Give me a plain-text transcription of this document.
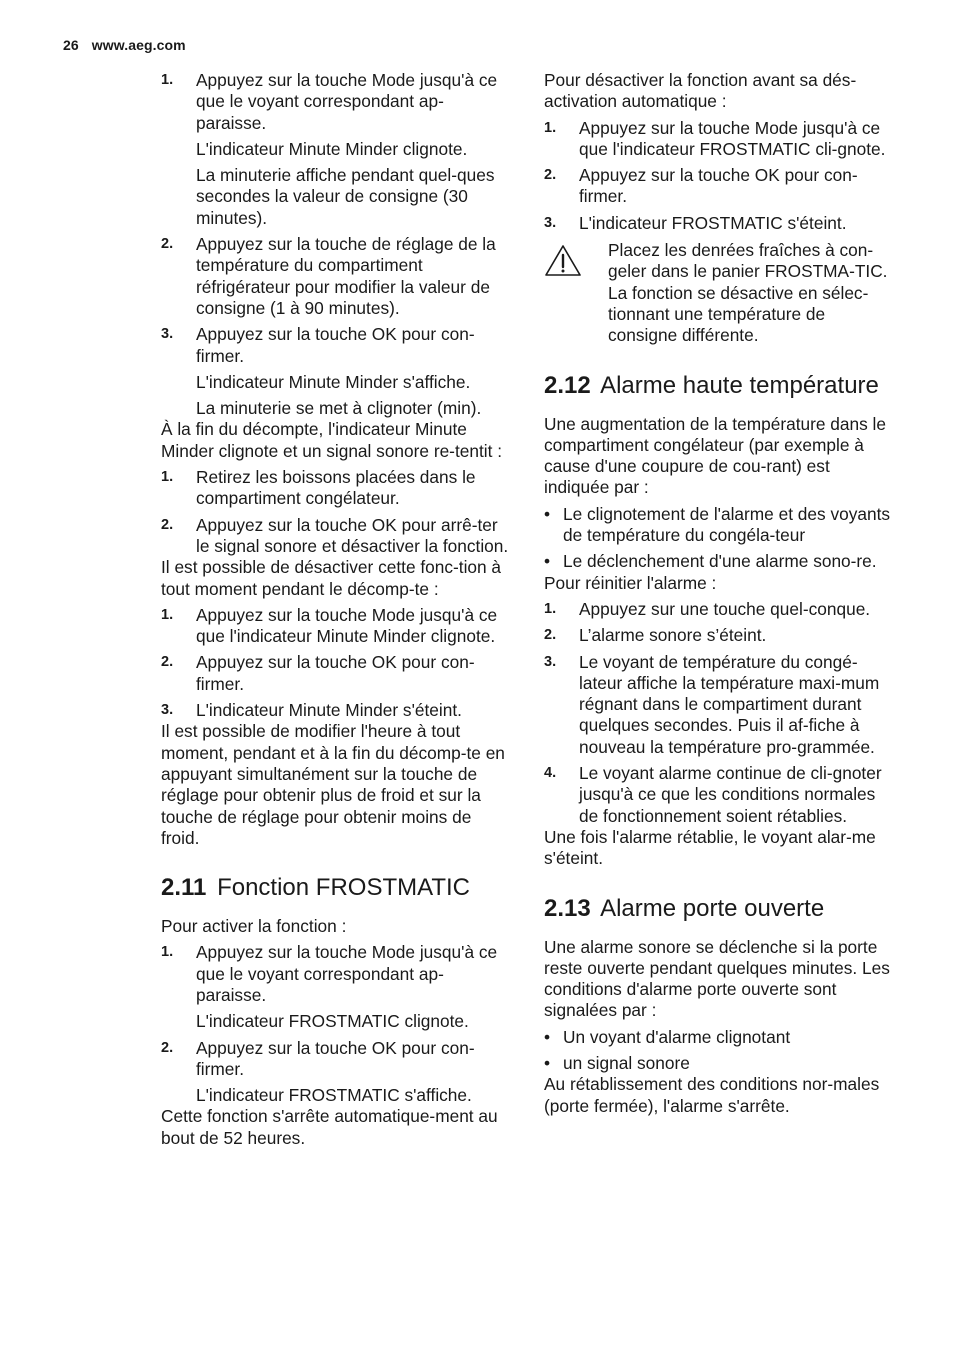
26 www.aeg.com
1.	Appuyez sur la touche Mode jusqu'à ce que le voyant correspondant ap-paraisse.
L'indicateur Minute Minder clignote.
La minuterie affiche pendant quel-ques secondes la valeur de consigne (30 minutes).
2.	Appuyez sur la touche de réglage de la température du compartiment réfrigérateur pour modifier la valeur de consigne (1 à 90 minutes).
3.	Appuyez sur la touche OK pour con-firmer.
L'indicateur Minute Minder s'affiche.
La minuterie se met à clignoter (min).

À la fin du décompte, l'indicateur Minute Minder clignote et un signal sonore re-tentit :

1.	Retirez les boissons placées dans le compartiment congélateur.
2.	Appuyez sur la touche OK pour arrê-ter le signal sonore et désactiver la fonction.

Il est possible de désactiver cette fonc-tion à tout moment pendant le décomp-te :

1.	Appuyez sur la touche Mode jusqu'à ce que l'indicateur Minute Minder clignote.
2.	Appuyez sur la touche OK pour con-firmer.
3.	L'indicateur Minute Minder s'éteint.

Il est possible de modifier l'heure à tout moment, pendant et à la fin du décomp-te en appuyant simultanément sur la touche de réglage pour obtenir plus de froid et sur la touche de réglage pour obtenir moins de froid.

2.11 Fonction FROSTMATIC

Pour activer la fonction :

1.	Appuyez sur la touche Mode jusqu'à ce que le voyant correspondant ap-paraisse.
L'indicateur FROSTMATIC clignote.
2.	Appuyez sur la touche OK pour con-firmer.
L'indicateur FROSTMATIC s'affiche.

Cette fonction s'arrête automatique-ment au bout de 52 heures.

Pour désactiver la fonction avant sa dés-activation automatique :

1.	Appuyez sur la touche Mode jusqu'à ce que l'indicateur FROSTMATIC cli-gnote.
2.	Appuyez sur la touche OK pour con-firmer.
3.	L'indicateur FROSTMATIC s'éteint.

Placez les denrées fraîches à con-geler dans le panier FROSTMA-TIC.

La fonction se désactive en sélec-tionnant une température de consigne différente.

2.12 Alarme haute température

Une augmentation de la température dans le compartiment congélateur (par exemple à cause d'une coupure de cou-rant) est indiquée par :

• Le clignotement de l'alarme et des voyants de température du congéla-teur
• Le déclenchement d'une alarme sono-re.

Pour réinitier l'alarme :

1.	Appuyez sur une touche quel-conque.
2.	L’alarme sonore s’éteint.
3.	Le voyant de température du congé-lateur affiche la température maxi-mum régnant dans le compartiment durant quelques secondes. Puis il af-fiche à nouveau la température pro-grammée.
4.	Le voyant alarme continue de cli-gnoter jusqu'à ce que les conditions normales de fonctionnement soient rétablies.

Une fois l'alarme rétablie, le voyant alar-me s'éteint.

2.13 Alarme porte ouverte

Une alarme sonore se déclenche si la porte reste ouverte pendant quelques minutes. Les conditions d'alarme porte ouverte sont signalées par :

• Un voyant d'alarme clignotant
• un signal sonore

Au rétablissement des conditions nor-males (porte fermée), l'alarme s'arrête.
